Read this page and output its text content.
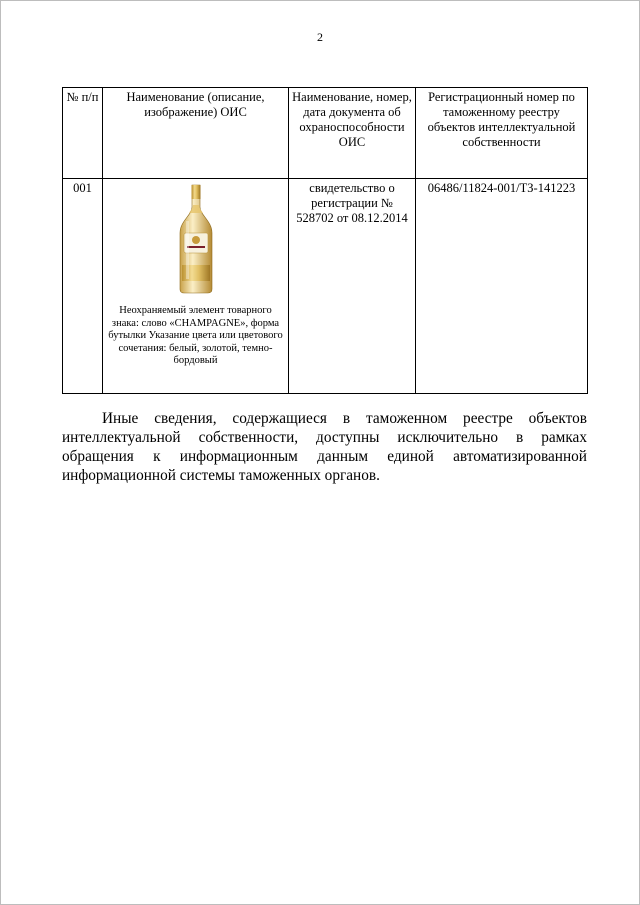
2
№ п/п	Наименование (описание, изображение) ОИС	Наименование, номер, дата документа об охраноспособности ОИС	Регистрационный номер по таможенному реестру объектов интеллектуальной собственности
001	Неохраняемый элемент товарного знака: слово «CHAMPAGNE», форма бутылки Указание цвета или цветового сочетания: белый, золотой, темно-бордовый	свидетельство о регистрации № 528702 от 08.12.2014	06486/11824-001/ТЗ-141223

Иные сведения, содержащиеся в таможенном реестре объектов интеллектуальной собственности, доступны исключительно в рамках обращения к информационным данным единой автоматизированной информационной системы таможенных органов.
